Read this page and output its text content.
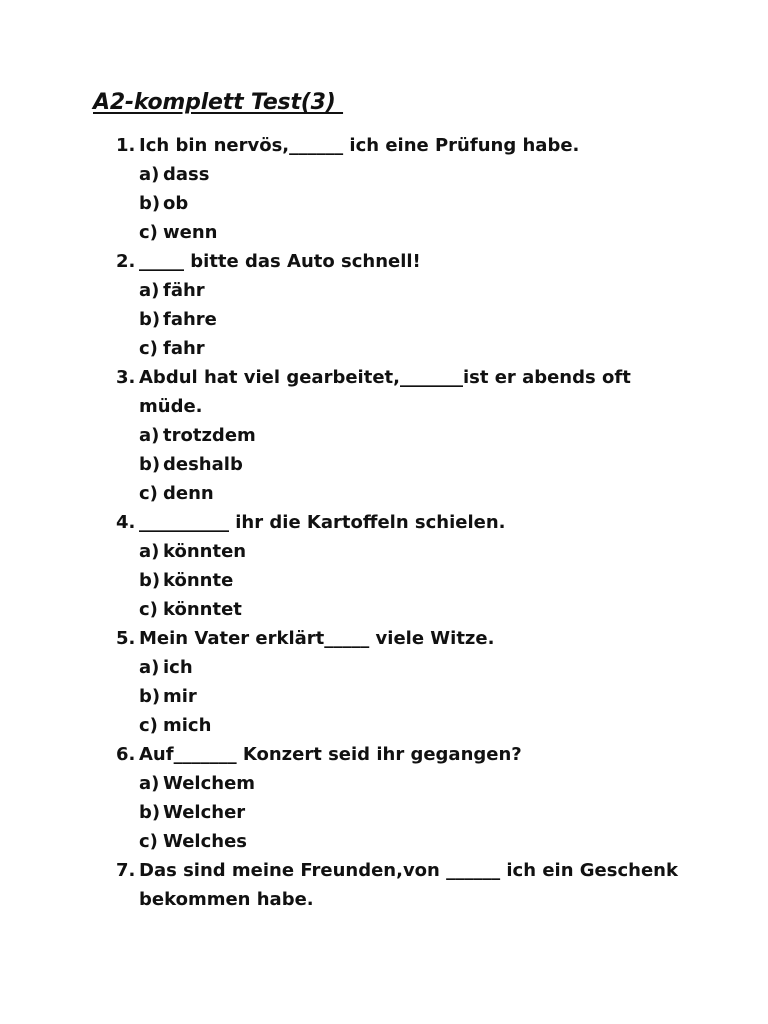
A2-komplett Test(3)
1. Ich bin nervös,______ ich eine Prüfung habe.
a) dass
b) ob
c) wenn
2. _____ bitte das Auto schnell!
a) fähr
b) fahre
c) fahr
3. Abdul hat viel gearbeitet,_______ist er abends oft
müde.
a) trotzdem
b) deshalb
c) denn
4. __________ ihr die Kartoffeln schielen.
a) könnten
b) könnte
c) könntet
5. Mein Vater erklärt_____ viele Witze.
a) ich
b) mir
c) mich
6. Auf_______ Konzert seid ihr gegangen?
a) Welchem
b) Welcher
c) Welches
7. Das sind meine Freunden,von ______ ich ein Geschenk
bekommen habe.
